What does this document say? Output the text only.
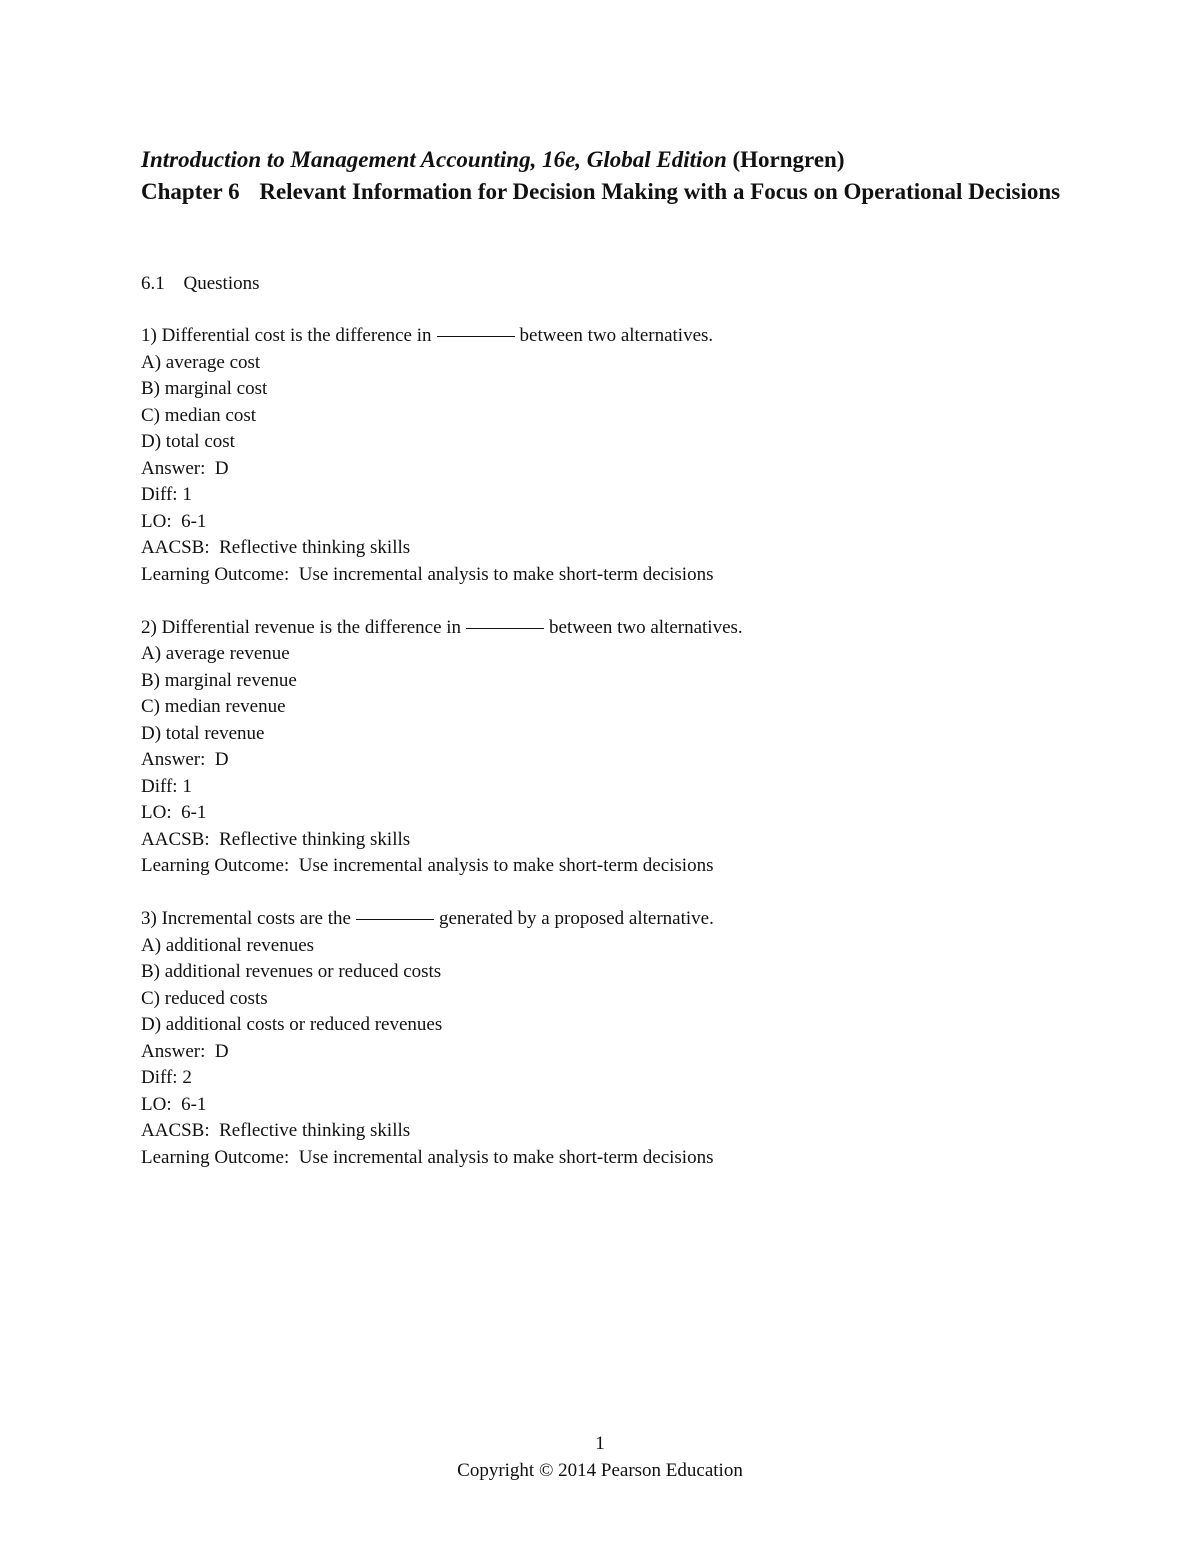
Introduction to Management Accounting, 16e, Global Edition (Horngren)
Chapter 6 Relevant Information for Decision Making with a Focus on Operational Decisions
6.1 Questions
1) Differential cost is the difference in	between two alternatives.
A) average cost
B) marginal cost
C) median cost
D) total cost
Answer:  D
Diff: 1
LO:  6-1
AACSB:  Reflective thinking skills
Learning Outcome:  Use incremental analysis to make short-term decisions
2) Differential revenue is the difference in	between two alternatives.
A) average revenue
B) marginal revenue
C) median revenue
D) total revenue
Answer:  D
Diff: 1
LO:  6-1
AACSB:  Reflective thinking skills
Learning Outcome:  Use incremental analysis to make short-term decisions
3) Incremental costs are the	generated by a proposed alternative.
A) additional revenues
B) additional revenues or reduced costs
C) reduced costs
D) additional costs or reduced revenues
Answer:  D
Diff: 2
LO:  6-1
AACSB:  Reflective thinking skills
Learning Outcome:  Use incremental analysis to make short-term decisions
1
Copyright © 2014 Pearson Education
